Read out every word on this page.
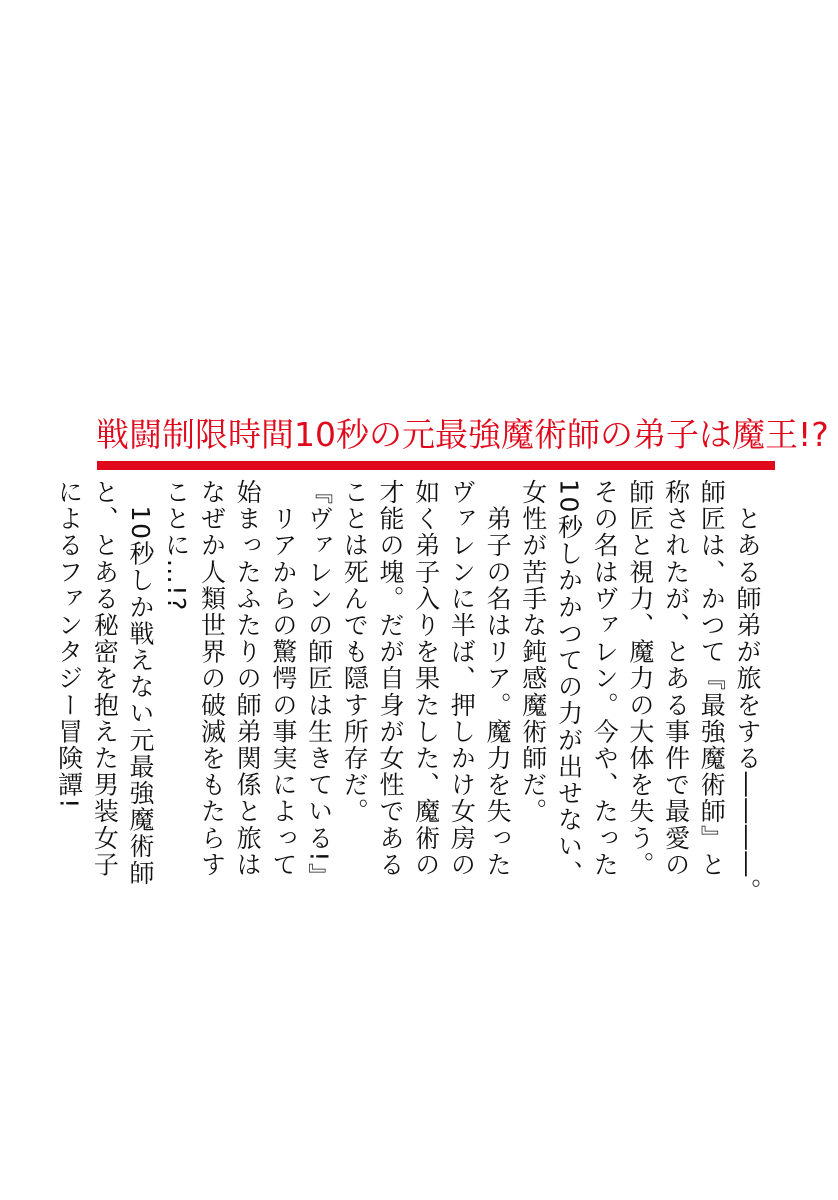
戦闘制限時間10秒の元最強魔術師の弟子は魔王!?
　とある師弟が旅をする――――。
師匠は、かつて『最強魔術師』と
称されたが、とある事件で最愛の
師匠と視力、魔力の大体を失う。
その名はヴァレン。今や、たった
10秒しかかつての力が出せない、
女性が苦手な鈍感魔術師だ。
　弟子の名はリア。魔力を失った
ヴァレンに半ば、押しかけ女房の
如く弟子入りを果たした、魔術の
才能の塊。だが自身が女性である
ことは死んでも隠す所存だ。
『ヴァレンの師匠は生きている!』
　リアからの驚愕の事実によって
始まったふたりの師弟関係と旅は
なぜか人類世界の破滅をもたらす
ことに…!?
　10秒しか戦えない元最強魔術師
と、とある秘密を抱えた男装女子
によるファンタジー冒険譚!
